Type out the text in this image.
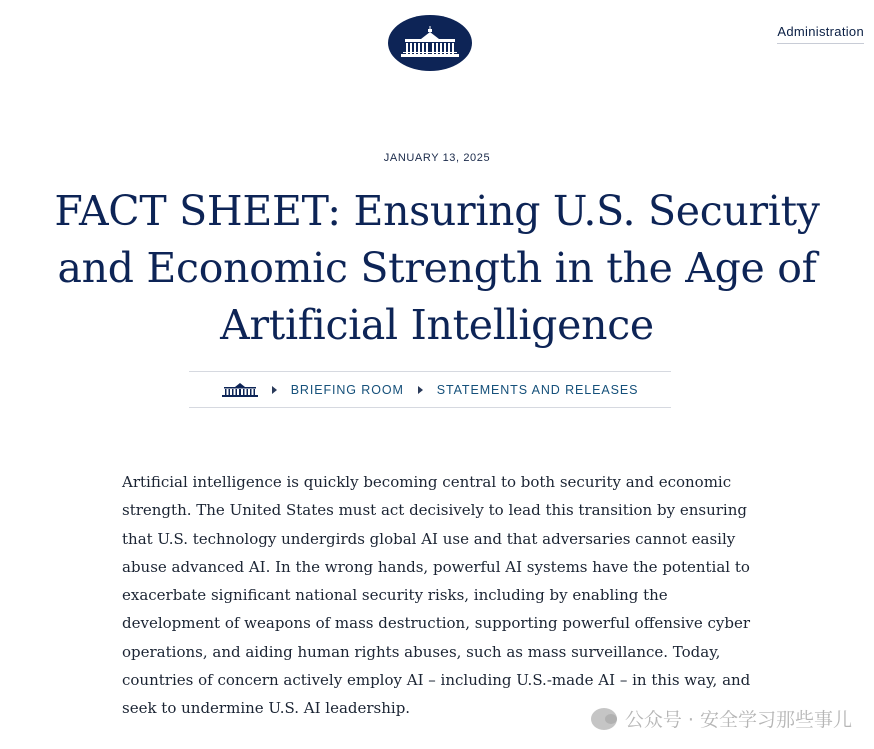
Administration
JANUARY 13, 2025
FACT SHEET: Ensuring U.S. Security and Economic Strength in the Age of Artificial Intelligence
BRIEFING ROOM	STATEMENTS AND RELEASES

Artificial intelligence is quickly becoming central to both security and economic strength. The United States must act decisively to lead this transition by ensuring that U.S. technology undergirds global AI use and that adversaries cannot easily abuse advanced AI. In the wrong hands, powerful AI systems have the potential to exacerbate significant national security risks, including by enabling the development of weapons of mass destruction, supporting powerful offensive cyber operations, and aiding human rights abuses, such as mass surveillance. Today, countries of concern actively employ AI – including U.S.-made AI – in this way, and seek to undermine U.S. AI leadership.

公众号 · 安全学习那些事儿
